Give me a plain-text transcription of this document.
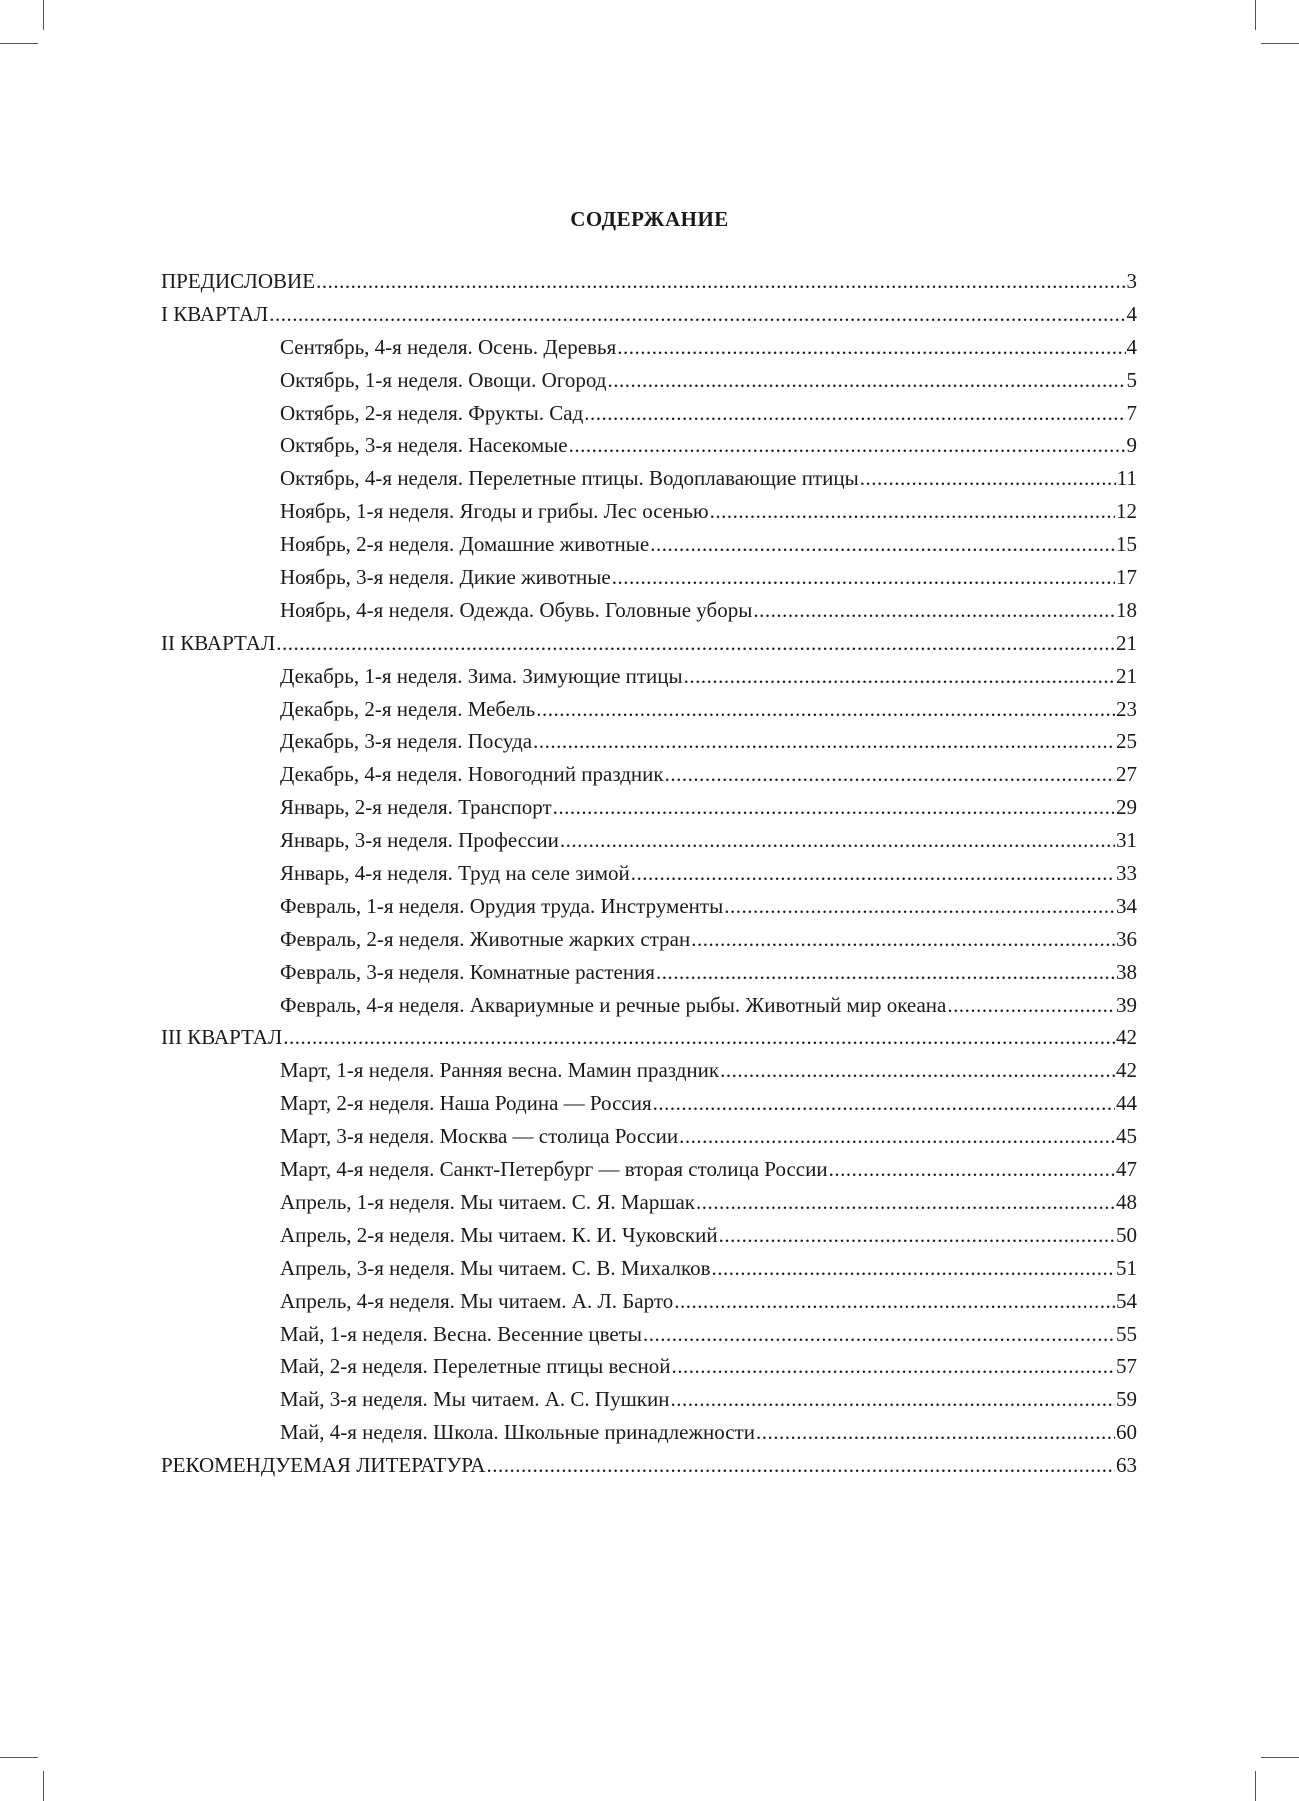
СОДЕРЖАНИЕ
ПРЕДИСЛОВИЕ .....	3
I КВАРТАЛ .....	4
Сентябрь, 4-я неделя. Осень. Деревья .....	4
Октябрь, 1-я неделя. Овощи. Огород .....	5
Октябрь, 2-я неделя. Фрукты. Сад .....	7
Октябрь, 3-я неделя. Насекомые .....	9
Октябрь, 4-я неделя. Перелетные птицы. Водоплавающие птицы .....	11
Ноябрь, 1-я неделя. Ягоды и грибы. Лес осенью .....	12
Ноябрь, 2-я неделя. Домашние животные .....	15
Ноябрь, 3-я неделя. Дикие животные .....	17
Ноябрь, 4-я неделя. Одежда. Обувь. Головные уборы .....	18
II КВАРТАЛ .....	21
Декабрь, 1-я неделя. Зима. Зимующие птицы .....	21
Декабрь, 2-я неделя. Мебель .....	23
Декабрь, 3-я неделя. Посуда .....	25
Декабрь, 4-я неделя. Новогодний праздник .....	27
Январь, 2-я неделя. Транспорт .....	29
Январь, 3-я неделя. Профессии .....	31
Январь, 4-я неделя. Труд на селе зимой .....	33
Февраль, 1-я неделя. Орудия труда. Инструменты .....	34
Февраль, 2-я неделя. Животные жарких стран .....	36
Февраль, 3-я неделя. Комнатные растения .....	38
Февраль, 4-я неделя. Аквариумные и речные рыбы. Животный мир океана .....	39
III КВАРТАЛ .....	42
Март, 1-я неделя. Ранняя весна. Мамин праздник .....	42
Март, 2-я неделя. Наша Родина — Россия .....	44
Март, 3-я неделя. Москва — столица России .....	45
Март, 4-я неделя. Санкт-Петербург — вторая столица России .....	47
Апрель, 1-я неделя. Мы читаем. С. Я. Маршак .....	48
Апрель, 2-я неделя. Мы читаем. К. И. Чуковский .....	50
Апрель, 3-я неделя. Мы читаем. С. В. Михалков .....	51
Апрель, 4-я неделя. Мы читаем. А. Л. Барто .....	54
Май, 1-я неделя. Весна. Весенние цветы .....	55
Май, 2-я неделя. Перелетные птицы весной .....	57
Май, 3-я неделя. Мы читаем. А. С. Пушкин .....	59
Май, 4-я неделя. Школа. Школьные принадлежности .....	60
РЕКОМЕНДУЕМАЯ ЛИТЕРАТУРА .....	63
